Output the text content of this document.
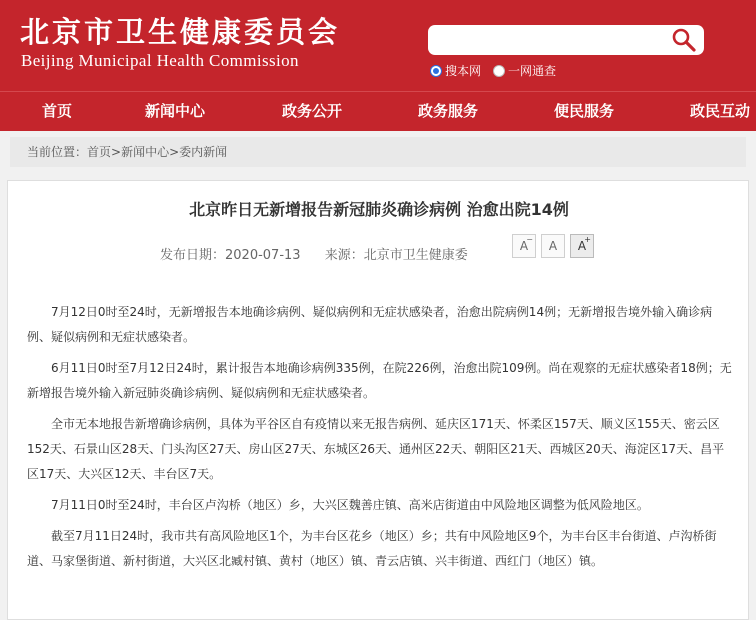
北京市卫生健康委员会
Beijing Municipal Health Commission
搜本网 一网通查
首页	新闻中心	政务公开	政务服务	便民服务	政民互动
当前位置：首页>新闻中心>委内新闻
北京昨日无新增报告新冠肺炎确诊病例 治愈出院14例
发布日期：2020-07-13 来源：北京市卫生健康委
A
−	A	A
+

7月12日0时至24时，无新增报告本地确诊病例、疑似病例和无症状感染者，治愈出院病例14例；无新增报告境外输入确诊病例、疑似病例和无症状感染者。

6月11日0时至7月12日24时，累计报告本地确诊病例335例，在院226例，治愈出院109例。尚在观察的无症状感染者18例；无新增报告境外输入新冠肺炎确诊病例、疑似病例和无症状感染者。

全市无本地报告新增确诊病例，具体为平谷区自有疫情以来无报告病例、延庆区171天、怀柔区157天、顺义区155天、密云区152天、石景山区28天、门头沟区27天、房山区27天、东城区26天、通州区22天、朝阳区21天、西城区20天、海淀区17天、昌平区17天、大兴区12天、丰台区7天。

7月11日0时至24时，丰台区卢沟桥（地区）乡，大兴区魏善庄镇、高米店街道由中风险地区调整为低风险地区。

截至7月11日24时，我市共有高风险地区1个，为丰台区花乡（地区）乡；共有中风险地区9个，为丰台区丰台街道、卢沟桥街道、马家堡街道、新村街道，大兴区北臧村镇、黄村（地区）镇、青云店镇、兴丰街道、西红门（地区）镇。
